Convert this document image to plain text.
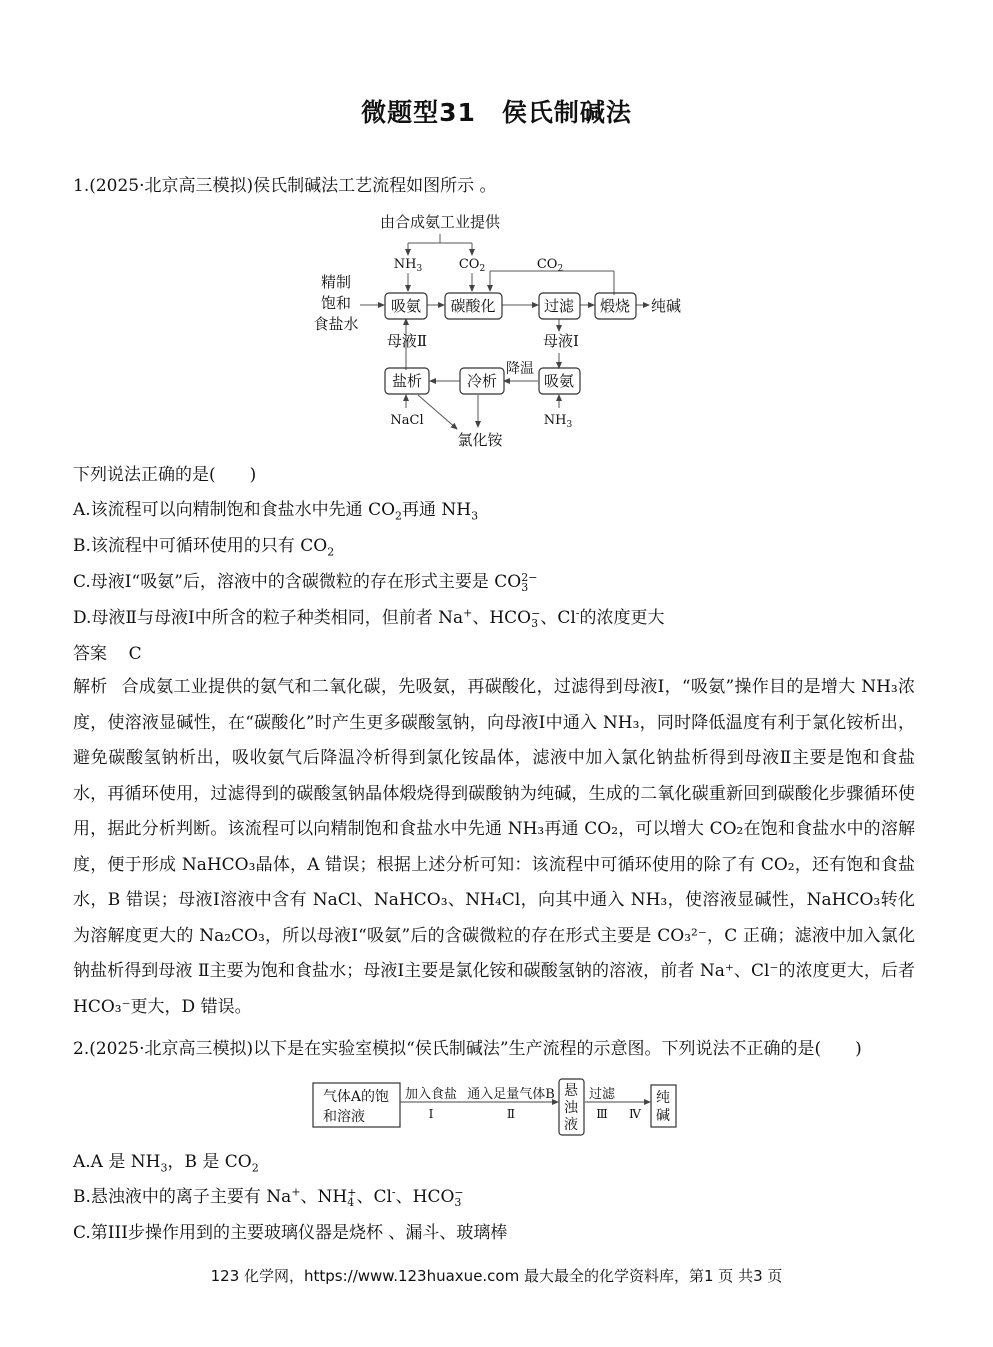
微题型31　侯氏制碱法
1.(2025·北京高三模拟)侯氏制碱法工艺流程如图所示 。
由合成氨工业提供
$NH_3$	$CO_2$	$CO_2$
精制
饱和
食盐水
吸氨 碳酸化	过滤 煅烧 纯碱
母液Ⅱ	母液Ⅰ
盐析	冷析
降温
吸氨
NaCl	$NH_3$
氯化铵
下列说法正确的是(　　)
A.该流程可以向精制饱和食盐水中先通 $CO_2$再通 $NH_3$
B.该流程中可循环使用的只有 $CO_2$
C.母液Ⅰ“吸氨”后，溶液中的含碳微粒的存在形式主要是 CO 2−
3
D.母液Ⅱ与母液Ⅰ中所含的粒子种类相同，但前者 Na+、HCO −
3 、Cl-的浓度更大
答案 C
解析 合成氨工业提供的氨气和二氧化碳，先吸氨，再碳酸化，过滤得到母液Ⅰ，“吸氨”操作目的是增大 NH₃浓度，使溶液显碱性，在“碳酸化”时产生更多碳酸氢钠，向母液Ⅰ中通入 NH₃，同时降低温度有利于氯化铵析出，避免碳酸氢钠析出，吸收氨气后降温冷析得到氯化铵晶体，滤液中加入氯化钠盐析得到母液Ⅱ主要是饱和食盐水，再循环使用，过滤得到的碳酸氢钠晶体煅烧得到碳酸钠为纯碱，生成的二氧化碳重新回到碳酸化步骤循环使用，据此分析判断。该流程可以向精制饱和食盐水中先通 NH₃再通 CO₂，可以增大 CO₂在饱和食盐水中的溶解度，便于形成 NaHCO₃晶体，A 错误；根据上述分析可知：该流程中可循环使用的除了有 CO₂，还有饱和食盐水，B 错误；母液Ⅰ溶液中含有 NaCl、NaHCO₃、NH₄Cl，向其中通入 NH₃，使溶液显碱性，NaHCO₃转化为溶解度更大的 Na₂CO₃，所以母液Ⅰ“吸氨”后的含碳微粒的存在形式主要是 CO₃²⁻，C 正确；滤液中加入氯化钠盐析得到母液 Ⅱ主要为饱和食盐水；母液Ⅰ主要是氯化铵和碳酸氢钠的溶液，前者 Na⁺、Cl⁻的浓度更大，后者 HCO₃⁻更大，D 错误。
2.(2025·北京高三模拟)以下是在实验室模拟“侯氏制碱法”生产流程的示意图。下列说法不正确的是(　　)
气体A的饱
和溶液
加入食盐
Ⅰ
通入足量气体B
Ⅱ
悬
浊
液
过滤
Ⅲ Ⅳ
纯
碱
A.A 是 $NH_3$，B 是 $CO_2$
B.悬浊液中的离子主要有 Na+、NH +
4 、Cl-、HCO −
3
C.第III步操作用到的主要玻璃仪器是烧杯 、漏斗、玻璃棒
123 化学网，https://www.123huaxue.com 最大最全的化学资料库，第1 页 共3 页
